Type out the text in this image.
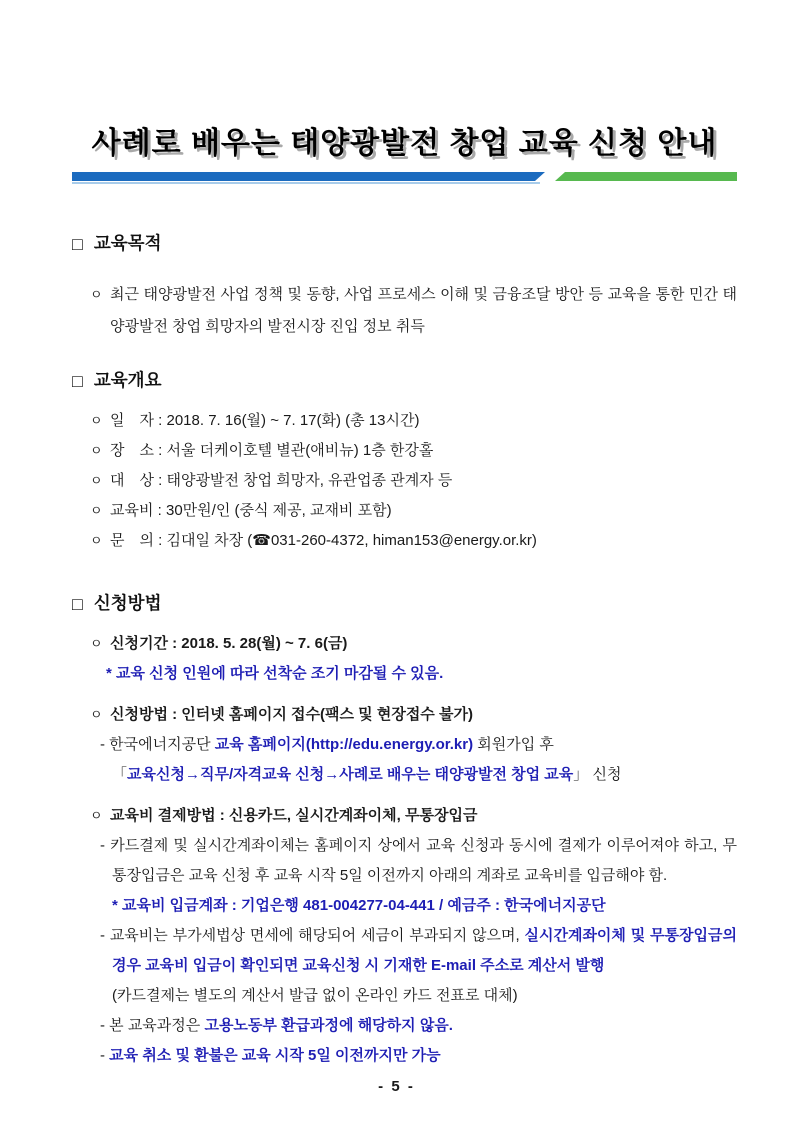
사례로 배우는 태양광발전 창업 교육 신청 안내
□ 교육목적
ㅇ 최근 태양광발전 사업 정책 및 동향, 사업 프로세스 이해 및 금융조달 방안 등 교육을 통한 민간 태양광발전 창업 희망자의 발전시장 진입 정보 취득
□ 교육개요
ㅇ 일　자 : 2018. 7. 16(월) ~ 7. 17(화) (총 13시간)
ㅇ 장　소 : 서울 더케이호텔 별관(애비뉴) 1층 한강홀
ㅇ 대　상 : 태양광발전 창업 희망자, 유관업종 관계자 등
ㅇ 교육비 : 30만원/인 (중식 제공, 교재비 포함)
ㅇ 문　의 : 김대일 차장 (☎031-260-4372, himan153@energy.or.kr)
□ 신청방법
ㅇ 신청기간 : 2018. 5. 28(월) ~ 7. 6(금)
* 교육 신청 인원에 따라 선착순 조기 마감될 수 있음.
ㅇ 신청방법 : 인터넷 홈페이지 접수(팩스 및 현장접수 불가)
- 한국에너지공단 교육 홈페이지(http://edu.energy.or.kr) 회원가입 후
「교육신청→직무/자격교육 신청→사례로 배우는 태양광발전 창업 교육」 신청
ㅇ 교육비 결제방법 : 신용카드, 실시간계좌이체, 무통장입금
- 카드결제 및 실시간계좌이체는 홈페이지 상에서 교육 신청과 동시에 결제가 이루어져야 하고, 무통장입금은 교육 신청 후 교육 시작 5일 이전까지 아래의 계좌로 교육비를 입금해야 함.
* 교육비 입금계좌 : 기업은행 481-004277-04-441 / 예금주 : 한국에너지공단
- 교육비는 부가세법상 면세에 해당되어 세금이 부과되지 않으며, 실시간계좌이체 및 무통장입금의 경우 교육비 입금이 확인되면 교육신청 시 기재한 E-mail 주소로 계산서 발행
(카드결제는 별도의 계산서 발급 없이 온라인 카드 전표로 대체)
- 본 교육과정은 고용노동부 환급과정에 해당하지 않음.
- 교육 취소 및 환불은 교육 시작 5일 이전까지만 가능
- 5 -
